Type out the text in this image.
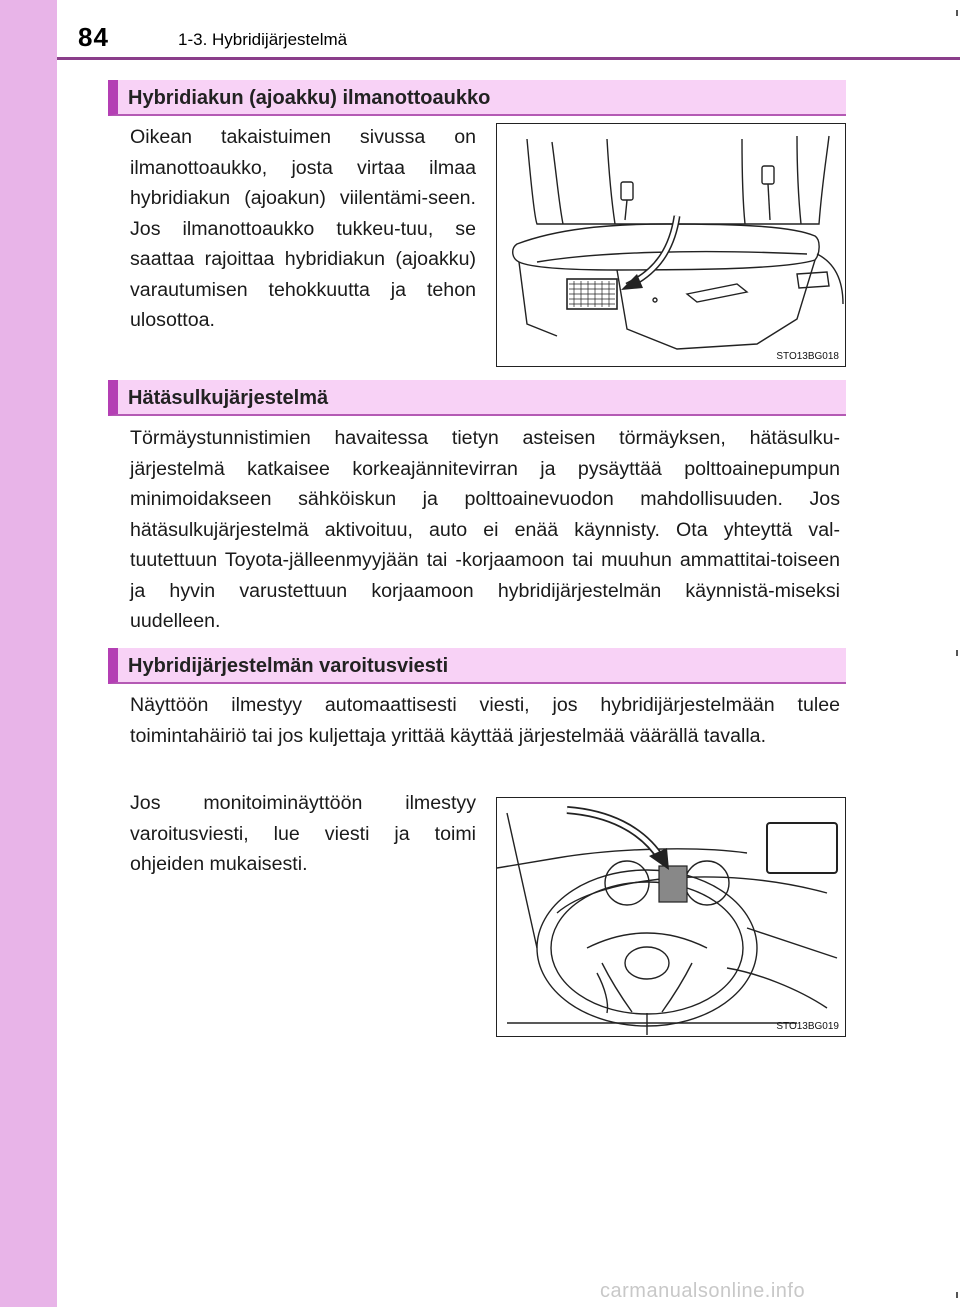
84	1-3. Hybridijärjestelmä
Hybridiakun (ajoakku) ilmanottoaukko
Oikean takaistuimen sivussa on ilmanottoaukko, josta virtaa ilmaa hybridiakun (ajoakun) viilentämi-seen. Jos ilmanottoaukko tukkeu-tuu, se saattaa rajoittaa hybridiakun (ajoakku) varautumisen tehokkuutta ja tehon ulosottoa.
STO13BG018
Hätäsulkujärjestelmä
Törmäystunnistimien havaitessa tietyn asteisen törmäyksen, hätäsulku-järjestelmä katkaisee korkeajännitevirran ja pysäyttää polttoainepumpun minimoidakseen sähköiskun ja polttoainevuodon mahdollisuuden. Jos hätäsulkujärjestelmä aktivoituu, auto ei enää käynnisty. Ota yhteyttä val-tuutettuun Toyota-jälleenmyyjään tai -korjaamoon tai muuhun ammattitai-toiseen ja hyvin varustettuun korjaamoon hybridijärjestelmän käynnistä-miseksi uudelleen.
Hybridijärjestelmän varoitusviesti
Näyttöön ilmestyy automaattisesti viesti, jos hybridijärjestelmään tulee toimintahäiriö tai jos kuljettaja yrittää käyttää järjestelmää väärällä tavalla.
Jos monitoiminäyttöön ilmestyy varoitusviesti, lue viesti ja toimi ohjeiden mukaisesti.
STO13BG019
carmanualsonline.info
